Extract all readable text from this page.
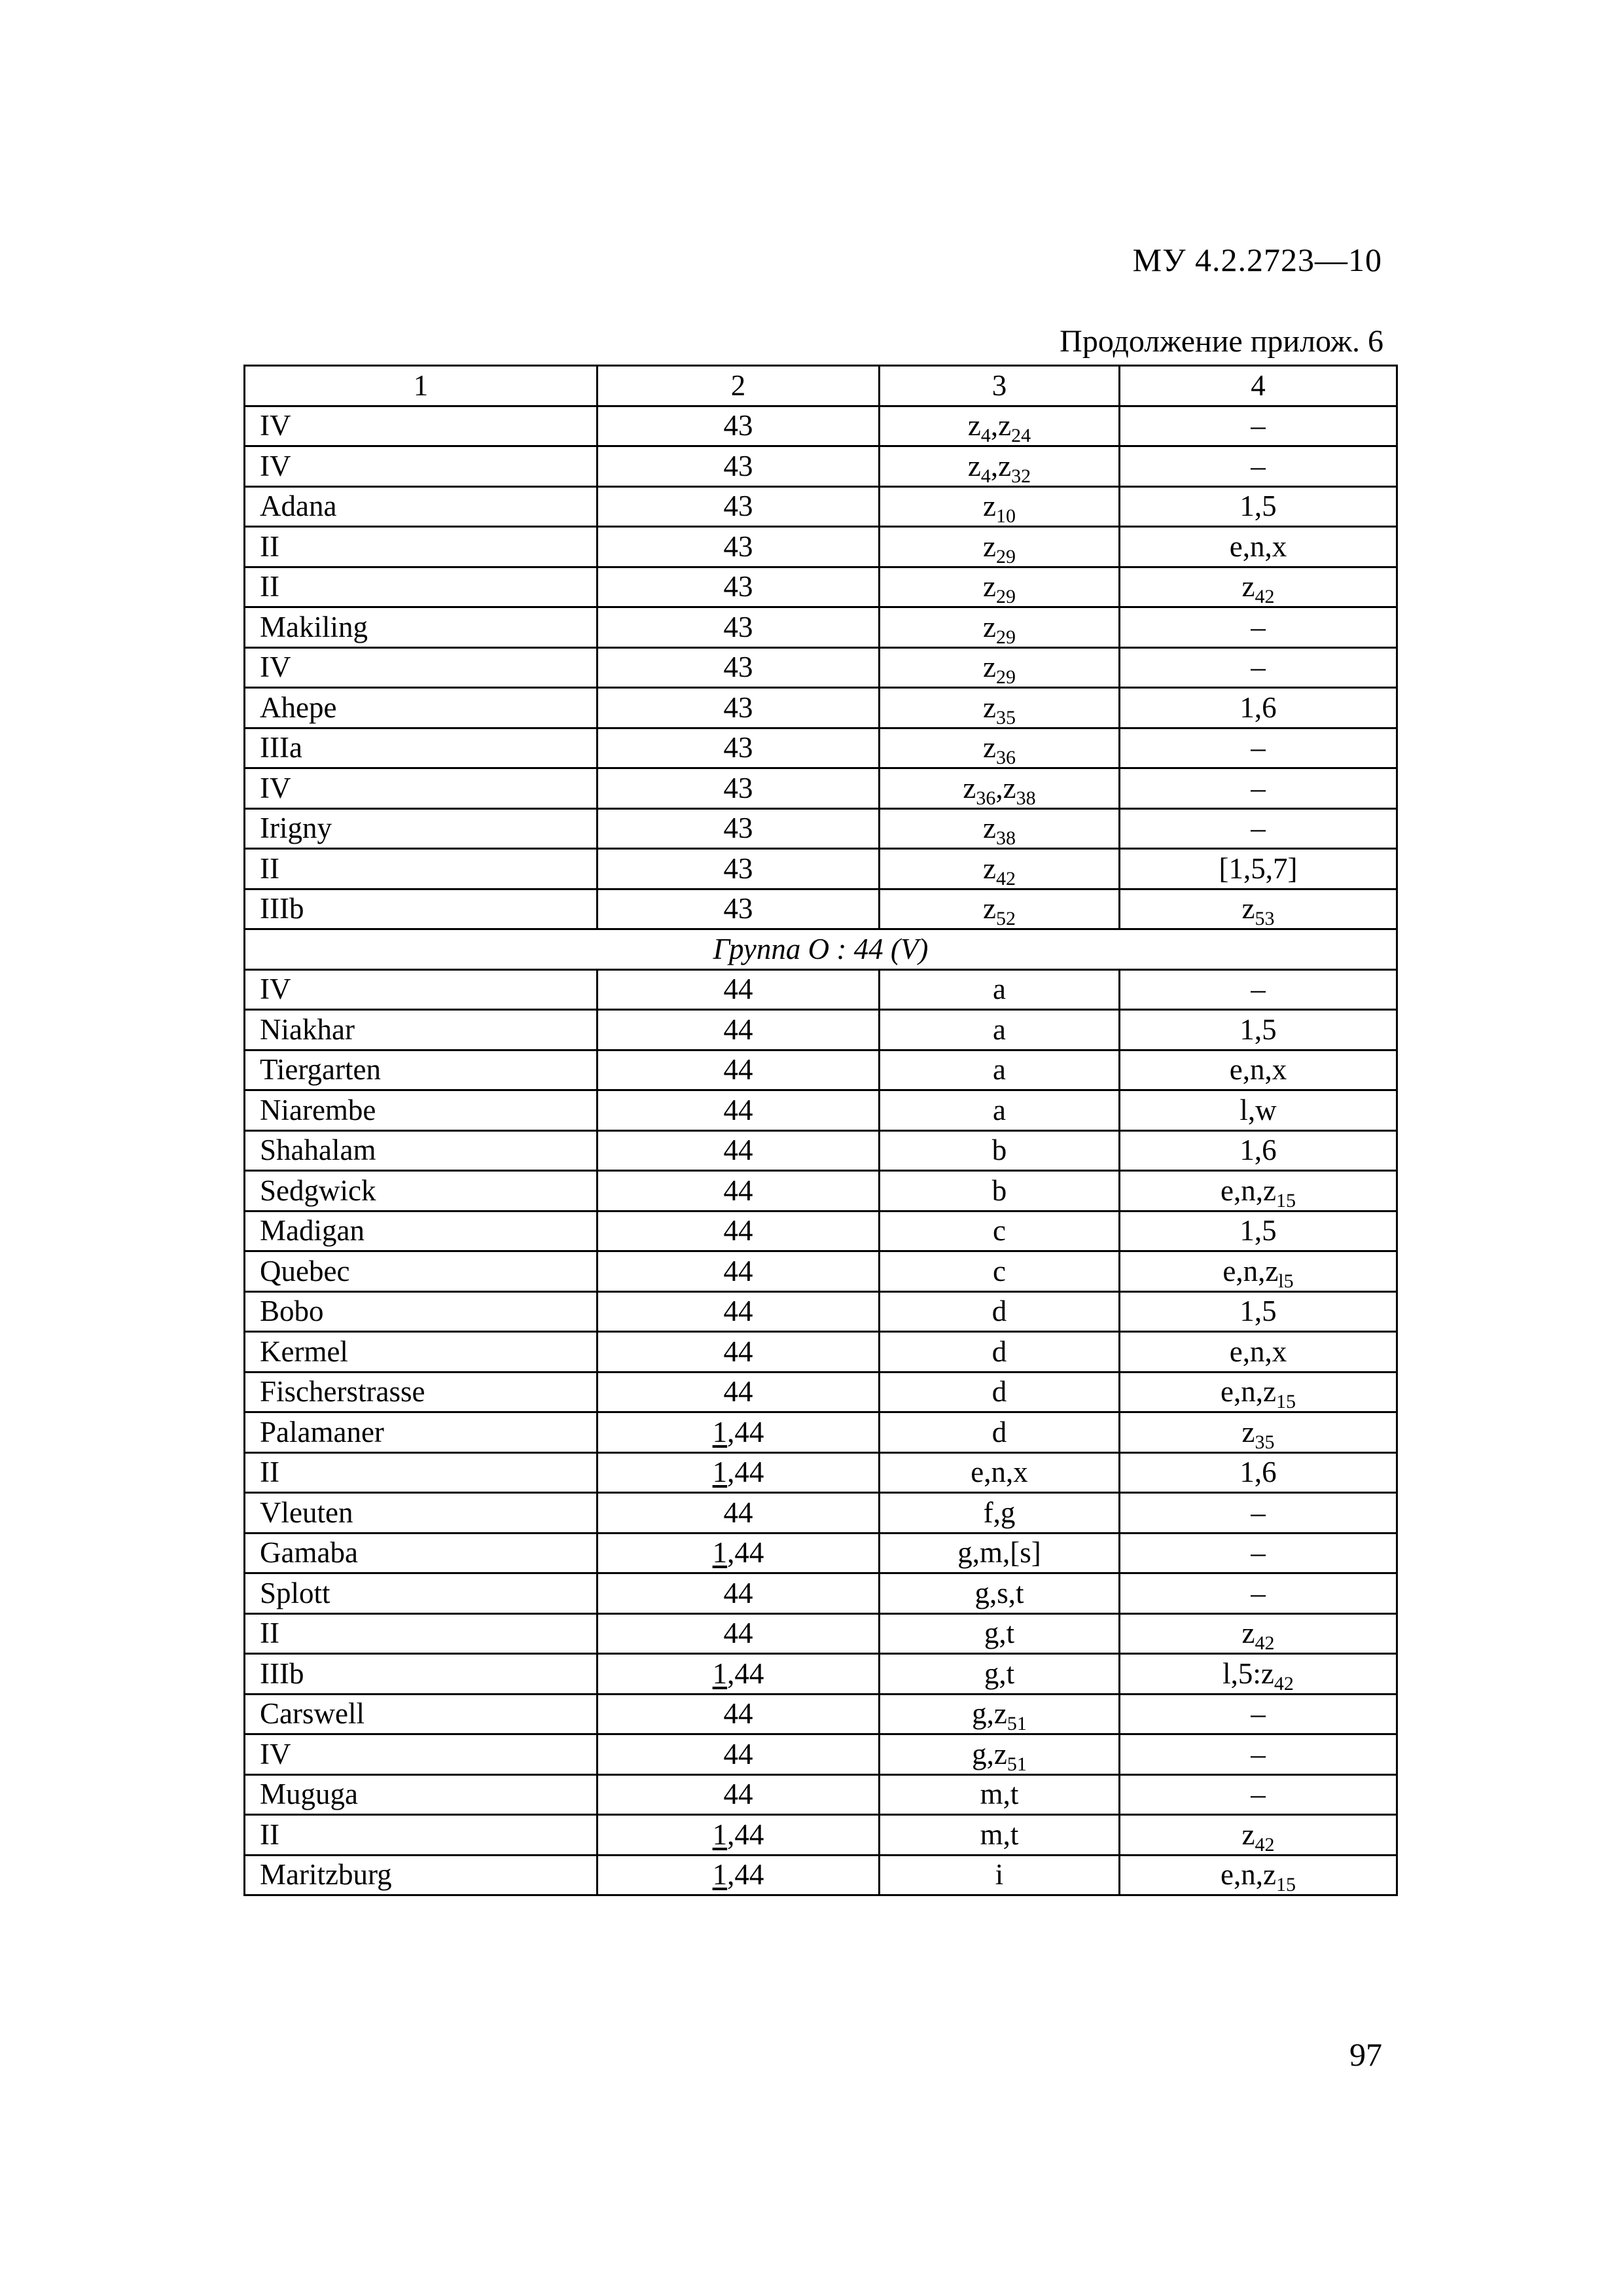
МУ 4.2.2723—10
Продолжение прилож. 6
1	2	3	4
IV	43	$z_4,z_{24}$	–
IV	43	$z_4,z_{32}$	–
Adana	43	$z_{10}$	1,5
II	43	$z_{29}$	e,n,x
II	43	$z_{29}$	$z_{42}$
Makiling	43	$z_{29}$	–
IV	43	$z_{29}$	–
Ahepe	43	$z_{35}$	1,6
IIIa	43	$z_{36}$	–
IV	43	$z_{36},z_{38}$	–
Irigny	43	$z_{38}$	–
II	43	$z_{42}$	[1,5,7]
IIIb	43	$z_{52}$	$z_{53}$
Группа O : 44 (V)			
IV	44	a	–
Niakhar	44	a	1,5
Tiergarten	44	a	e,n,x
Niarembe	44	a	l,w
Shahalam	44	b	1,6
Sedgwick	44	b	$e,n,z_{15}$
Madigan	44	c	1,5
Quebec	44	c	$e,n,z_{l5}$
Bobo	44	d	1,5
Kermel	44	d	e,n,x
Fischerstrasse	44	d	$e,n,z_{15}$
Palamaner	1,44	d	$z_{35}$
II	1,44	e,n,x	1,6
Vleuten	44	f,g	–
Gamaba	1,44	g,m,[s]	–
Splott	44	g,s,t	–
II	44	g,t	$z_{42}$
IIIb	1,44	g,t	$l,5:z_{42}$
Carswell	44	$g,z_{51}$	–
IV	44	$g,z_{51}$	–
Muguga	44	m,t	–
II	1,44	m,t	$z_{42}$
Maritzburg	1,44	i	$e,n,z_{15}$
97
